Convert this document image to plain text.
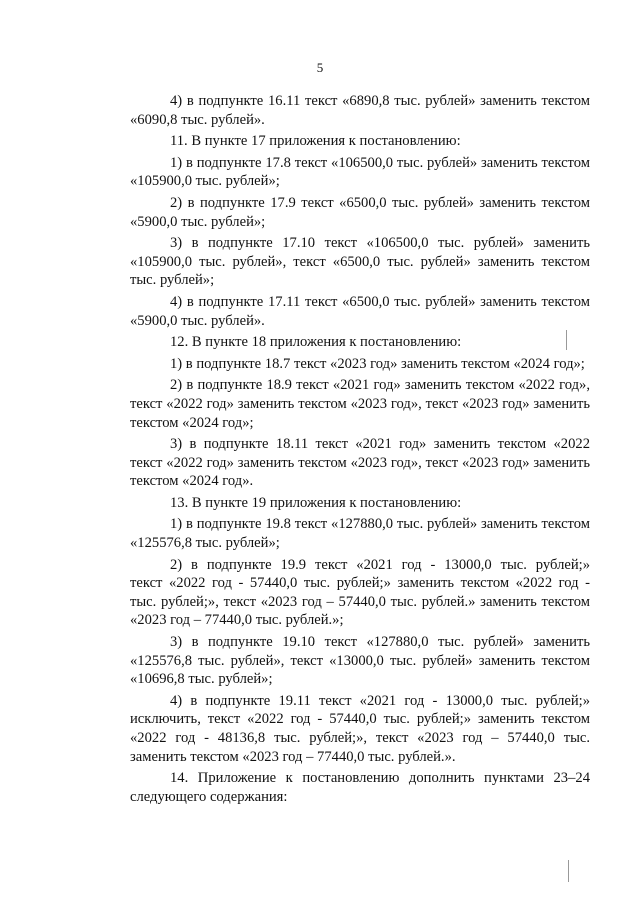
5
4) в подпункте 16.11 текст «6890,8 тыс. рублей» заменить текстом
«6090,8 тыс. рублей».
11. В пункте 17 приложения к постановлению:
1) в подпункте 17.8 текст «106500,0 тыс. рублей» заменить текстом
«105900,0 тыс. рублей»;
2) в подпункте 17.9 текст «6500,0 тыс. рублей» заменить текстом
«5900,0 тыс. рублей»;
3) в подпункте 17.10 текст «106500,0 тыс. рублей» заменить
«105900,0 тыс. рублей», текст «6500,0 тыс. рублей» заменить текстом
тыс. рублей»;
4) в подпункте 17.11 текст «6500,0 тыс. рублей» заменить текстом
«5900,0 тыс. рублей».
12. В пункте 18 приложения к постановлению:
1) в подпункте 18.7 текст «2023 год» заменить текстом «2024 год»;
2) в подпункте 18.9 текст «2021 год» заменить текстом «2022 год»,
текст «2022 год» заменить текстом «2023 год», текст «2023 год» заменить
текстом «2024 год»;
3) в подпункте 18.11 текст «2021 год» заменить текстом «2022
текст «2022 год» заменить текстом «2023 год», текст «2023 год» заменить
текстом «2024 год».
13. В пункте 19 приложения к постановлению:
1) в подпункте 19.8 текст «127880,0 тыс. рублей» заменить текстом
«125576,8 тыс. рублей»;
2) в подпункте 19.9 текст «2021 год - 13000,0 тыс. рублей;»
текст «2022 год - 57440,0 тыс. рублей;» заменить текстом «2022 год -
тыс. рублей;», текст «2023 год – 57440,0 тыс. рублей.» заменить текстом
«2023 год – 77440,0 тыс. рублей.»;
3) в подпункте 19.10 текст «127880,0 тыс. рублей» заменить
«125576,8 тыс. рублей», текст «13000,0 тыс. рублей» заменить текстом
«10696,8 тыс. рублей»;
4) в подпункте 19.11 текст «2021 год - 13000,0 тыс. рублей;»
исключить, текст «2022 год - 57440,0 тыс. рублей;» заменить текстом
«2022 год - 48136,8 тыс. рублей;», текст «2023 год – 57440,0 тыс.
заменить текстом «2023 год – 77440,0 тыс. рублей.».
14. Приложение к постановлению дополнить пунктами 23–24
следующего содержания:
